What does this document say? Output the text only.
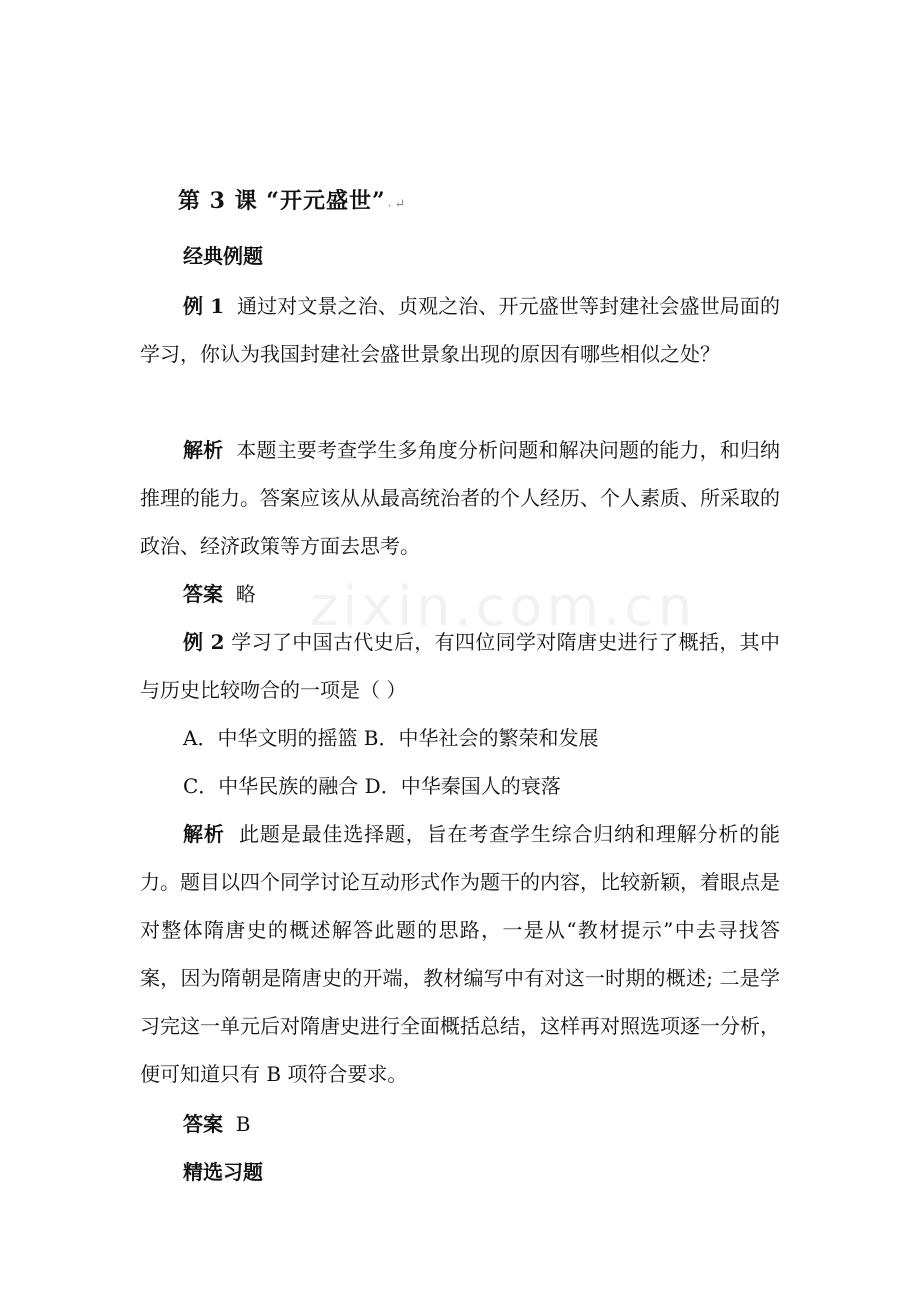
zixin.com.cn
第 3 课 “开元盛世” · ↵
经典例题
例 1 通过对文景之治、贞观之治、开元盛世等封建社会盛世局面的学习，你认为我国封建社会盛世景象出现的原因有哪些相似之处？
解析 本题主要考查学生多角度分析问题和解决问题的能力，和归纳推理的能力。答案应该从从最高统治者的个人经历、个人素质、所采取的政治、经济政策等方面去思考。
答案 略
例 2 学习了中国古代史后，有四位同学对隋唐史进行了概括，其中与历史比较吻合的一项是（ ）
A．中华文明的摇篮 B．中华社会的繁荣和发展
C．中华民族的融合 D．中华秦国人的衰落
解析 此题是最佳选择题，旨在考查学生综合归纳和理解分析的能力。题目以四个同学讨论互动形式作为题干的内容，比较新颖，着眼点是对整体隋唐史的概述解答此题的思路，一是从“教材提示”中去寻找答案，因为隋朝是隋唐史的开端，教材编写中有对这一时期的概述; 二是学习完这一单元后对隋唐史进行全面概括总结，这样再对照选项逐一分析，便可知道只有 B 项符合要求。
答案 B
精选习题
